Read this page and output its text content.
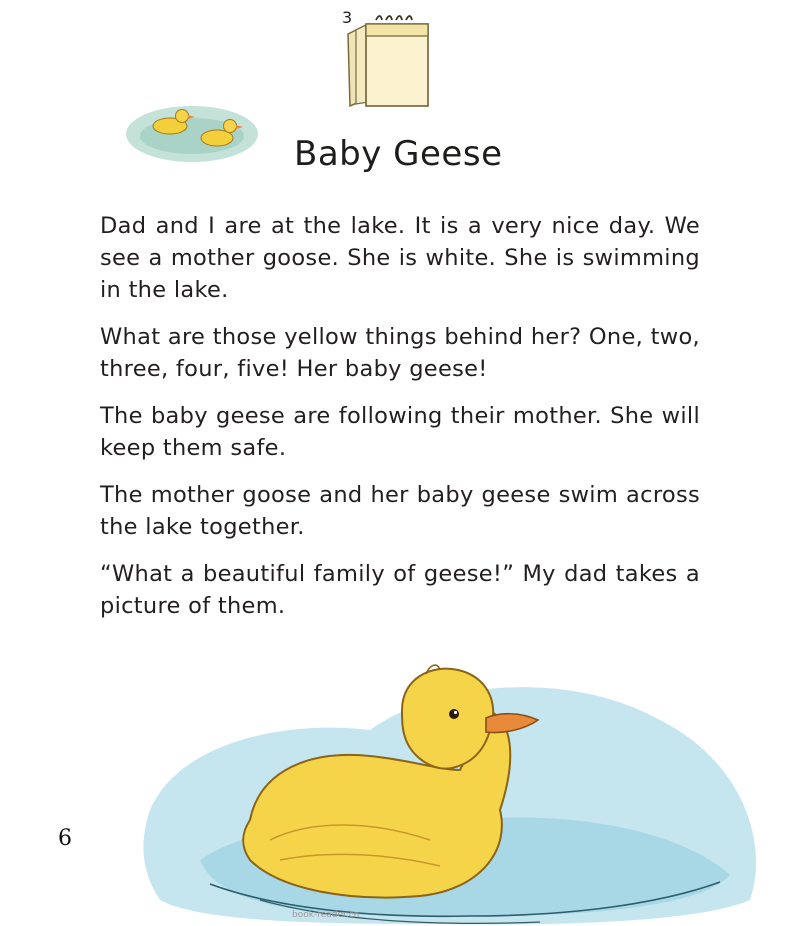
3
Baby Geese

Dad and I are at the lake. It is a very nice day. We see a mother goose. She is white. She is swimming in the lake.

What are those yellow things behind her? One, two, three, four, five! Her baby geese!

The baby geese are following their mother. She will keep them safe.

The mother goose and her baby geese swim across the lake together.

“What a beautiful family of geese!” My dad takes a picture of them.

6
book-reader.cn
